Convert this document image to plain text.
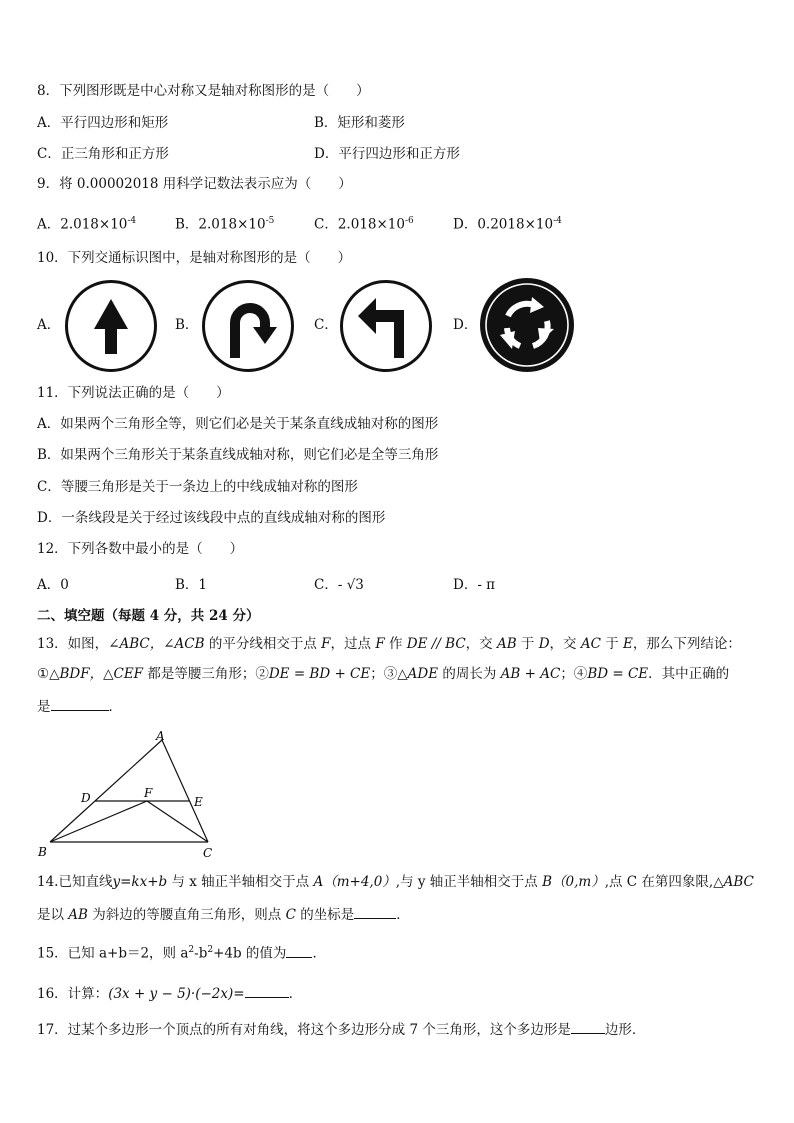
8．下列图形既是中心对称又是轴对称图形的是（　　）
A．平行四边形和矩形	B．矩形和菱形
C．正三角形和正方形	D．平行四边形和正方形
9．将 0.00002018 用科学记数法表示应为（　　）
A．$2.018\times 10^{-4}$	B．$2.018\times 10^{-5}$	C．$2.018\times 10^{-6}$	D．$0.2018\times 10^{-4}$
10．下列交通标识图中，是轴对称图形的是（　　）
A．	B．	C．	D．
11．下列说法正确的是（　　）
A．如果两个三角形全等，则它们必是关于某条直线成轴对称的图形
B．如果两个三角形关于某条直线成轴对称，则它们必是全等三角形
C．等腰三角形是关于一条边上的中线成轴对称的图形
D．一条线段是关于经过该线段中点的直线成轴对称的图形
12．下列各数中最小的是（　　）
A．0	B．1	C．- √3	D．- π
二、填空题（每题 4 分，共 24 分）
13．如图，∠ABC，∠ACB 的平分线相交于点 F，过点 F 作 DE // BC，交 AB 于 D，交 AC 于 E，那么下列结论：
①△BDF，△CEF 都是等腰三角形；②DE = BD + CE；③△ADE 的周长为 AB + AC；④BD = CE．其中正确的
是	．
A
B	C
D	E
F
14.已知直线y=kx+b 与 x 轴正半轴相交于点 A（m+4,0）,与 y 轴正半轴相交于点 B（0,m）,点 C 在第四象限,△ABC
是以 AB 为斜边的等腰直角三角形，则点 C 的坐标是	．
15．已知 a+b＝2，则 $a^2-b^2+4b$ 的值为 ．
16．计算：(3x + y − 5)·(−2x)=	．
17．过某个多边形一个顶点的所有对角线，将这个多边形分成 7 个三角形，这个多边形是	边形．
